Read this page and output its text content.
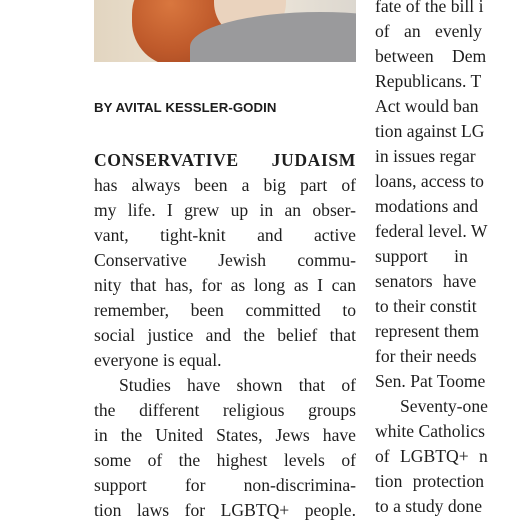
BY AVITAL KESSLER-GODIN
CONSERVATIVE JUDAISM
has always been a big part of
my life. I grew up in an obser-
vant, tight-knit and active
Conservative Jewish commu-
nity that has, for as long as I can
remember, been committed to
social justice and the belief that
everyone is equal.
Studies have shown that of
the different religious groups
in the United States, Jews have
some of the highest levels of
support for non-discrimina-
tion laws for LGBTQ+ people.
fate of the bill i
of an evenly
between Dem
Republicans. T
Act would ban
tion against LG
in issues regar
loans, access to
modations and
federal level. W
support in
senators have
to their constit
represent them
for their needs
Sen. Pat Toome
Seventy-one
white Catholics
of LGBTQ+ n
tion protection
to a study done
